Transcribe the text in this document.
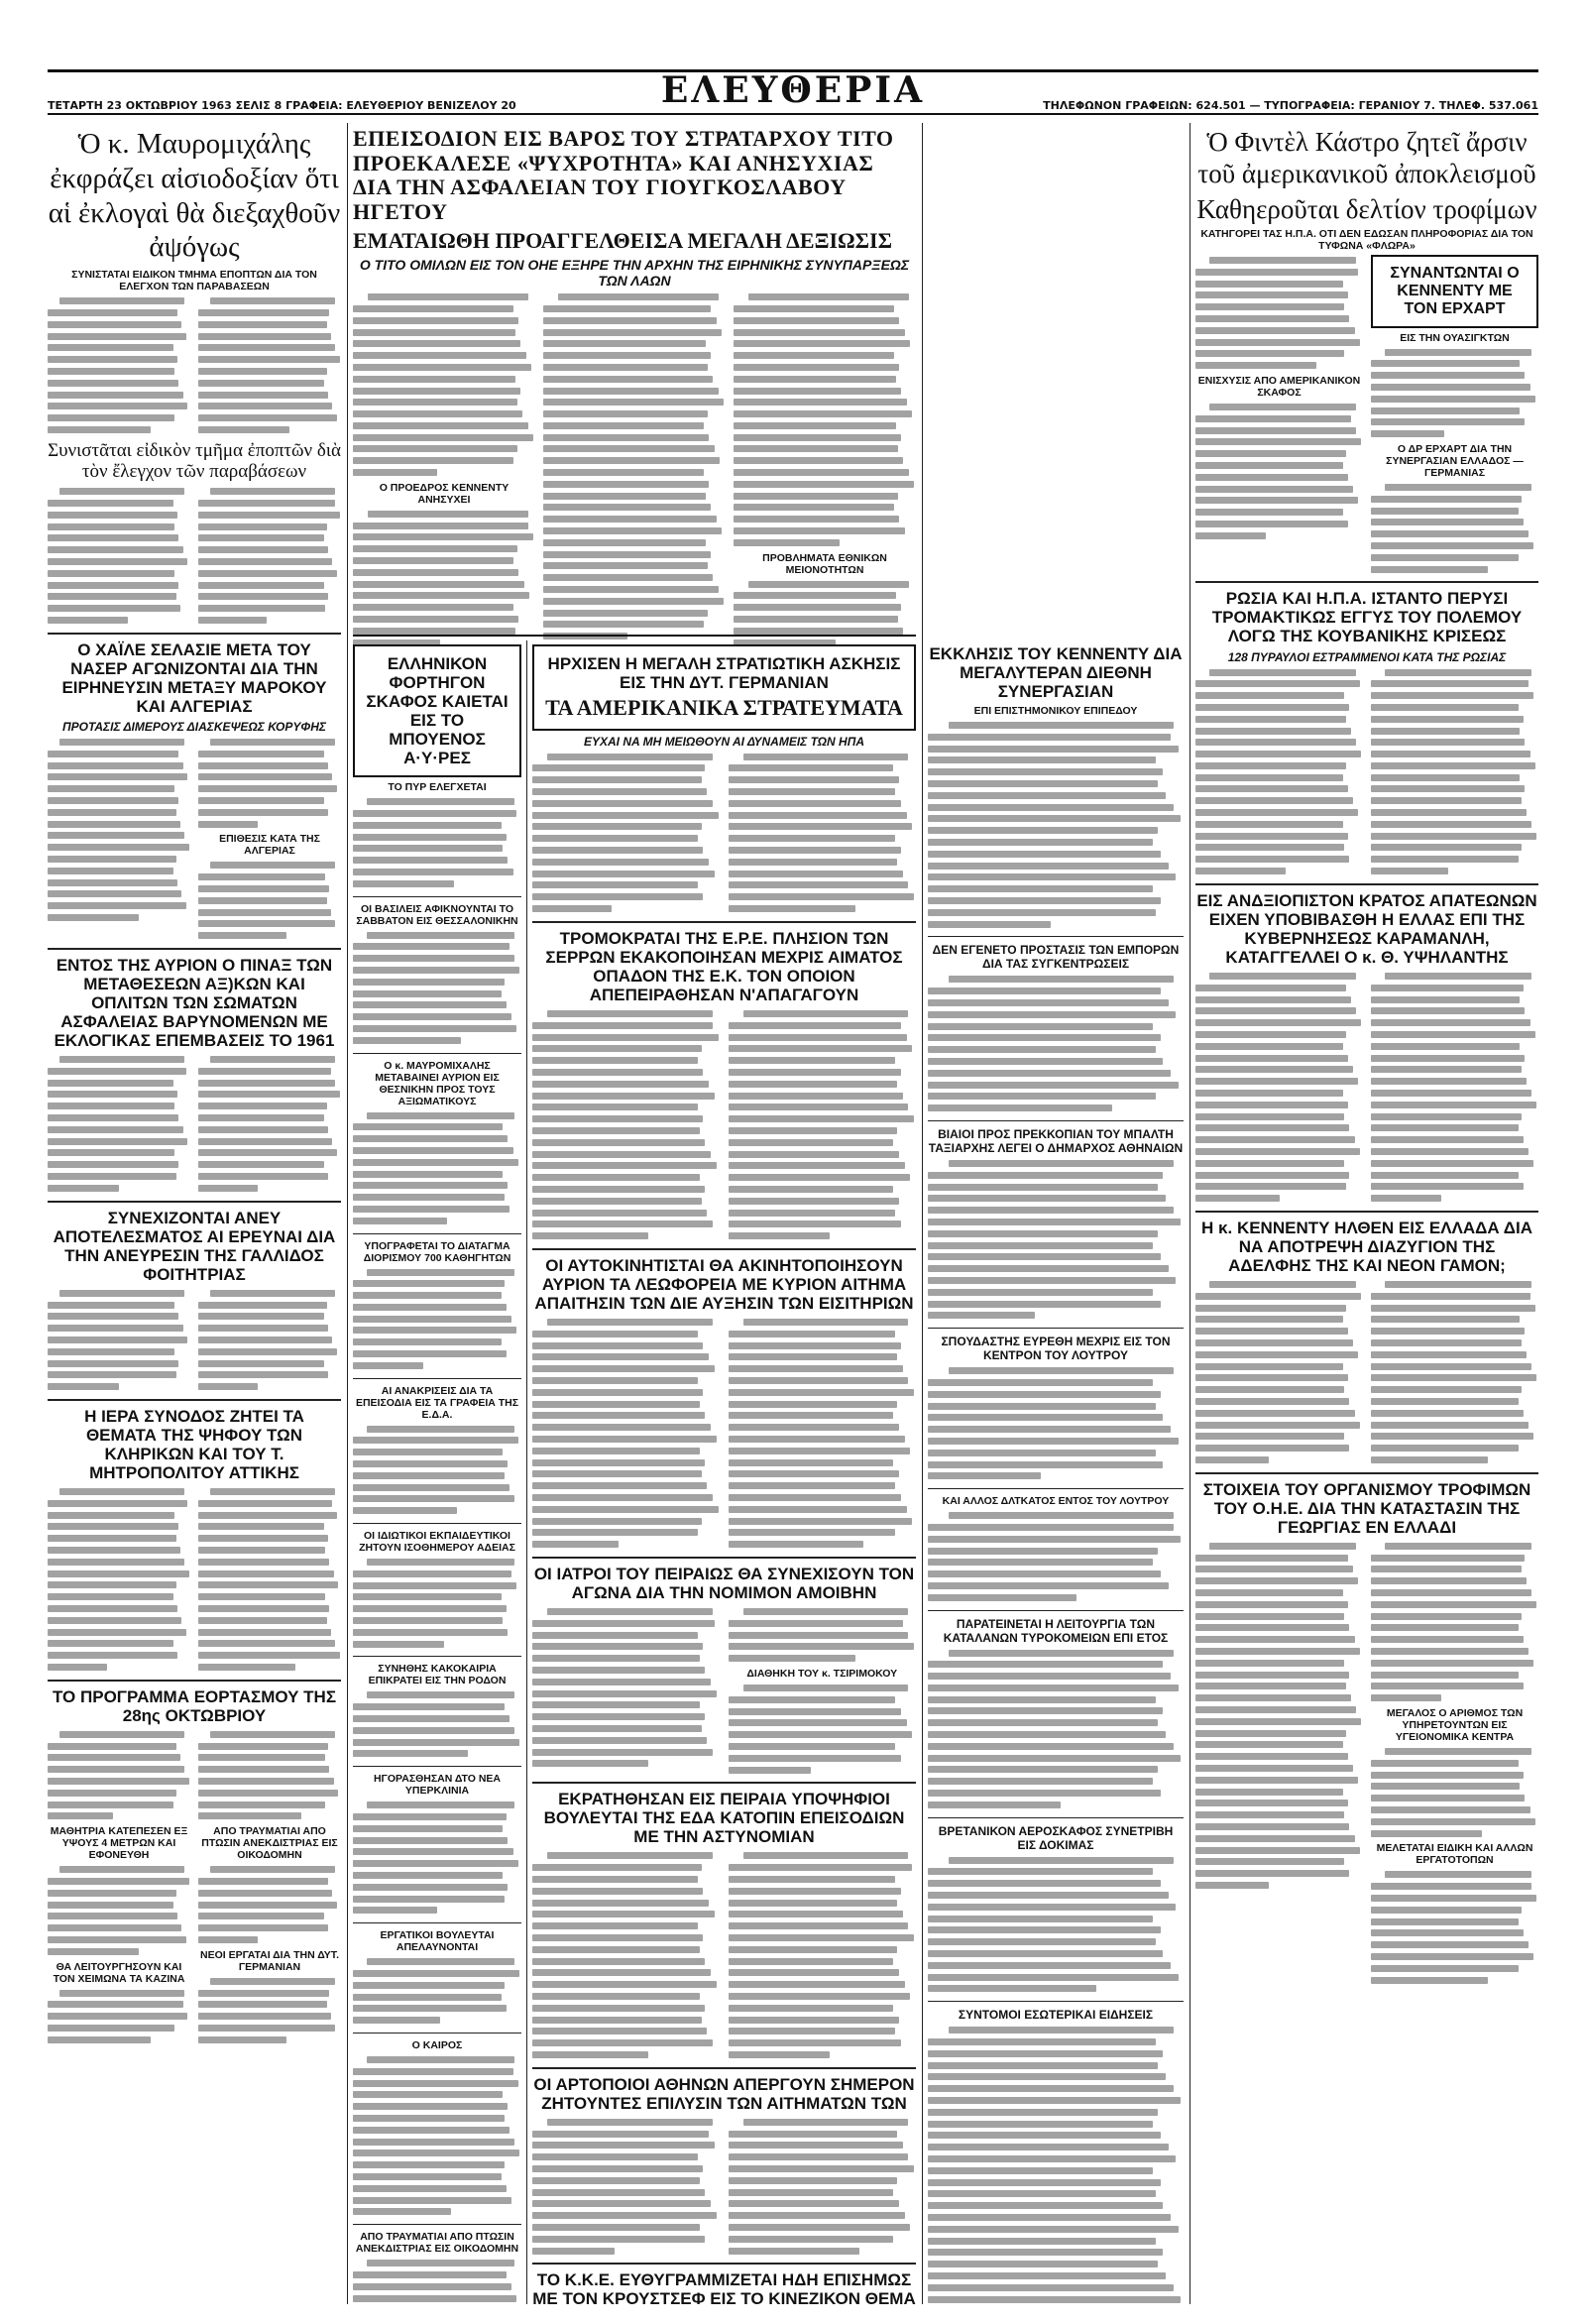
ΤΕΤΑΡΤΗ 23 ΟΚΤΩΒΡΙΟΥ 1963 ΣΕΛΙΣ 8 ΓΡΑΦΕΙΑ: ΕΛΕΥΘΕΡΙΟΥ ΒΕΝΙΖΕΛΟΥ 20	ΕΛΕΥΘΕΡΙΑ	ΤΗΛΕΦΩΝΟΝ ΓΡΑΦΕΙΩΝ: 624.501 — ΤΥΠΟΓΡΑΦΕΙΑ: ΓΕΡΑΝΙΟΥ 7. ΤΗΛΕΦ. 537.061
Ὁ κ. Μαυρομιχάλης ἐκφράζει αἰσιοδοξίαν ὅτι αἱ ἐκλογαὶ θὰ διεξαχθοῦν ἀψόγως
ΣΥΝΙΣΤΑΤΑΙ ΕΙΔΙΚΟΝ ΤΜΗΜΑ ΕΠΟΠΤΩΝ ΔΙΑ ΤΟΝ ΕΛΕΓΧΟΝ ΤΩΝ ΠΑΡΑΒΑΣΕΩΝ
Συνιστᾶται εἰδικὸν τμῆμα ἐποπτῶν διὰ τὸν ἔλεγχον τῶν παραβάσεων
Ο ΧΑΪΛΕ ΣΕΛΑΣΙΕ ΜΕΤΑ ΤΟΥ ΝΑΣΕΡ ΑΓΩΝΙΖΟΝΤΑΙ ΔΙΑ ΤΗΝ ΕΙΡΗΝΕΥΣΙΝ ΜΕΤΑΞΥ ΜΑΡΟΚΟΥ ΚΑΙ ΑΛΓΕΡΙΑΣ
ΠΡΟΤΑΣΙΣ ΔΙΜΕΡΟΥΣ ΔΙΑΣΚΕΨΕΩΣ ΚΟΡΥΦΗΣ
ΕΠΙΘΕΣΙΣ ΚΑΤΑ ΤΗΣ ΑΛΓΕΡΙΑΣ
ΕΝΤΟΣ ΤΗΣ ΑΥΡΙΟΝ Ο ΠΙΝΑΞ ΤΩΝ ΜΕΤΑΘΕΣΕΩΝ ΑΞ)ΚΩΝ ΚΑΙ ΟΠΛΙΤΩΝ ΤΩΝ ΣΩΜΑΤΩΝ ΑΣΦΑΛΕΙΑΣ ΒΑΡΥΝΟΜΕΝΩΝ ΜΕ ΕΚΛΟΓΙΚΑΣ ΕΠΕΜΒΑΣΕΙΣ ΤΟ 1961
ΣΥΝΕΧΙΖΟΝΤΑΙ ΑΝΕΥ ΑΠΟΤΕΛΕΣΜΑΤΟΣ ΑΙ ΕΡΕΥΝΑΙ ΔΙΑ ΤΗΝ ΑΝΕΥΡΕΣΙΝ ΤΗΣ ΓΑΛΛΙΔΟΣ ΦΟΙΤΗΤΡΙΑΣ
Η ΙΕΡΑ ΣΥΝΟΔΟΣ ΖΗΤΕΙ ΤΑ ΘΕΜΑΤΑ ΤΗΣ ΨΗΦΟΥ ΤΩΝ ΚΛΗΡΙΚΩΝ ΚΑΙ ΤΟΥ Τ. ΜΗΤΡΟΠΟΛΙΤΟΥ ΑΤΤΙΚΗΣ
ΤΟ ΠΡΟΓΡΑΜΜΑ ΕΟΡΤΑΣΜΟΥ ΤΗΣ 28ης ΟΚΤΩΒΡΙΟΥ
ΜΑΘΗΤΡΙΑ ΚΑΤΕΠΕΣΕΝ ΕΞ ΥΨΟΥΣ 4 ΜΕΤΡΩΝ ΚΑΙ ΕΦΟΝΕΥΘΗ
ΘΑ ΛΕΙΤΟΥΡΓΗΣΟΥΝ ΚΑΙ ΤΟΝ ΧΕΙΜΩΝΑ ΤΑ ΚΑΖΙΝΑ
ΑΠΟ ΤΡΑΥΜΑΤΙΑΙ ΑΠΟ ΠΤΩΣΙΝ ΑΝΕΚΔΙΣΤΡΙΑΣ ΕΙΣ ΟΙΚΟΔΟΜΗΝ
ΝΕΟΙ ΕΡΓΑΤΑΙ ΔΙΑ ΤΗΝ ΔΥΤ. ΓΕΡΜΑΝΙΑΝ
ΕΠΕΙΣΟΔΙΟΝ ΕΙΣ ΒΑΡΟΣ ΤΟΥ ΣΤΡΑΤΑΡΧΟΥ ΤΙΤΟ ΠΡΟΕΚΑΛΕΣΕ «ΨΥΧΡΟΤΗΤΑ» ΚΑΙ ΑΝΗΣΥΧΙΑΣ ΔΙΑ ΤΗΝ ΑΣΦΑΛΕΙΑΝ ΤΟΥ ΓΙΟΥΓΚΟΣΛΑΒΟΥ ΗΓΕΤΟΥ
ΕΜΑΤΑΙΩΘΗ ΠΡΟΑΓΓΕΛΘΕΙΣΑ ΜΕΓΑΛΗ ΔΕΞΙΩΣΙΣ
Ο ΤΙΤΟ ΟΜΙΛΩΝ ΕΙΣ ΤΟΝ ΟΗΕ ΕΞΗΡΕ ΤΗΝ ΑΡΧΗΝ ΤΗΣ ΕΙΡΗΝΙΚΗΣ ΣΥΝΥΠΑΡΞΕΩΣ ΤΩΝ ΛΑΩΝ
Ο ΠΡΟΕΔΡΟΣ ΚΕΝΝΕΝΤΥ ΑΝΗΣΥΧΕΙ
ΠΡΟΒΛΗΜΑΤΑ ΕΘΝΙΚΩΝ ΜΕΙΟΝΟΤΗΤΩΝ
ΕΛΛΗΝΙΚΟΝ ΦΟΡΤΗΓΟΝ ΣΚΑΦΟΣ ΚΑΙΕΤΑΙ ΕΙΣ ΤΟ ΜΠΟΥΕΝΟΣ Α·Υ·ΡΕΣ
ΤΟ ΠΥΡ ΕΛΕΓΧΕΤΑΙ
ΟΙ ΒΑΣΙΛΕΙΣ ΑΦΙΚΝΟΥΝΤΑΙ ΤΟ ΣΑΒΒΑΤΟΝ ΕΙΣ ΘΕΣΣΑΛΟΝΙΚΗΝ
Ο κ. ΜΑΥΡΟΜΙΧΑΛΗΣ ΜΕΤΑΒΑΙΝΕΙ ΑΥΡΙΟΝ ΕΙΣ ΘΕΣΝΙΚΗΝ ΠΡΟΣ ΤΟΥΣ ΑΞΙΩΜΑΤΙΚΟΥΣ
ΥΠΟΓΡΑΦΕΤΑΙ ΤΟ ΔΙΑΤΑΓΜΑ ΔΙΟΡΙΣΜΟΥ 700 ΚΑΘΗΓΗΤΩΝ
ΑΙ ΑΝΑΚΡΙΣΕΙΣ ΔΙΑ ΤΑ ΕΠΕΙΣΟΔΙΑ ΕΙΣ ΤΑ ΓΡΑΦΕΙΑ ΤΗΣ Ε.Δ.Α.
ΟΙ ΙΔΙΩΤΙΚΟΙ ΕΚΠΑΙΔΕΥΤΙΚΟΙ ΖΗΤΟΥΝ ΙΣΟΘΗΜΕΡΟΥ ΑΔΕΙΑΣ
ΣΥΝΗΘΗΣ ΚΑΚΟΚΑΙΡΙΑ ΕΠΙΚΡΑΤΕΙ ΕΙΣ ΤΗΝ ΡΟΔΟΝ
ΗΓΟΡΑΣΘΗΣΑΝ ΔΤΟ ΝΕΑ ΥΠΕΡΚΛΙΝΙΑ
ΕΡΓΑΤΙΚΟΙ ΒΟΥΛΕΥΤΑΙ ΑΠΕΛΑΥΝΟΝΤΑΙ
Ο ΚΑΙΡΟΣ
ΑΠΟ ΤΡΑΥΜΑΤΙΑΙ ΑΠΟ ΠΤΩΣΙΝ ΑΝΕΚΔΙΣΤΡΙΑΣ ΕΙΣ ΟΙΚΟΔΟΜΗΝ
ΗΡΧΙΣΕΝ Η ΜΕΓΑΛΗ ΣΤΡΑΤΙΩΤΙΚΗ ΑΣΚΗΣΙΣ ΕΙΣ ΤΗΝ ΔΥΤ. ΓΕΡΜΑΝΙΑΝ
ΤΑ ΑΜΕΡΙΚΑΝΙΚΑ ΣΤΡΑΤΕΥΜΑΤΑ
ΕΥΧΑΙ ΝΑ ΜΗ ΜΕΙΩΘΟΥΝ ΑΙ ΔΥΝΑΜΕΙΣ ΤΩΝ ΗΠΑ
ΤΡΟΜΟΚΡΑΤΑΙ ΤΗΣ Ε.Ρ.Ε. ΠΛΗΣΙΟΝ ΤΩΝ ΣΕΡΡΩΝ ΕΚΑΚΟΠΟΙΗΣΑΝ ΜΕΧΡΙΣ ΑΙΜΑΤΟΣ ΟΠΑΔΟΝ ΤΗΣ Ε.Κ. ΤΟΝ ΟΠΟΙΟΝ ΑΠΕΠΕΙΡΑΘΗΣΑΝ Ν'ΑΠΑΓΑΓΟΥΝ
ΟΙ ΑΥΤΟΚΙΝΗΤΙΣΤΑΙ ΘΑ ΑΚΙΝΗΤΟΠΟΙΗΣΟΥΝ ΑΥΡΙΟΝ ΤΑ ΛΕΩΦΟΡΕΙΑ ΜΕ ΚΥΡΙΟΝ ΑΙΤΗΜΑ ΑΠΑΙΤΗΣΙΝ ΤΩΝ ΔΙΕ ΑΥΞΗΣΙΝ ΤΩΝ ΕΙΣΙΤΗΡΙΩΝ
ΟΙ ΙΑΤΡΟΙ ΤΟΥ ΠΕΙΡΑΙΩΣ ΘΑ ΣΥΝΕΧΙΣΟΥΝ ΤΟΝ ΑΓΩΝΑ ΔΙΑ ΤΗΝ ΝΟΜΙΜΟΝ ΑΜΟΙΒΗΝ
ΔΙΑΘΗΚΗ ΤΟΥ κ. ΤΣΙΡΙΜΟΚΟΥ
ΕΚΡΑΤΗΘΗΣΑΝ ΕΙΣ ΠΕΙΡΑΙΑ ΥΠΟΨΗΦΙΟΙ ΒΟΥΛΕΥΤΑΙ ΤΗΣ ΕΔΑ ΚΑΤΟΠΙΝ ΕΠΕΙΣΟΔΙΩΝ ΜΕ ΤΗΝ ΑΣΤΥΝΟΜΙΑΝ
ΟΙ ΑΡΤΟΠΟΙΟΙ ΑΘΗΝΩΝ ΑΠΕΡΓΟΥΝ ΣΗΜΕΡΟΝ ΖΗΤΟΥΝΤΕΣ ΕΠΙΛΥΣΙΝ ΤΩΝ ΑΙΤΗΜΑΤΩΝ ΤΩΝ
ΤΟ Κ.Κ.Ε. ΕΥΘΥΓΡΑΜΜΙΖΕΤΑΙ ΗΔΗ ΕΠΙΣΗΜΩΣ ΜΕ ΤΟΝ ΚΡΟΥΣΤΣΕΦ ΕΙΣ ΤΟ ΚΙΝΕΖΙΚΟΝ ΘΕΜΑ
ΕΚΚΛΗΣΙΣ ΤΟΥ ΚΕΝΝΕΝΤΥ ΔΙΑ ΜΕΓΑΛΥΤΕΡΑΝ ΔΙΕΘΝΗ ΣΥΝΕΡΓΑΣΙΑΝ
ΕΠΙ ΕΠΙΣΤΗΜΟΝΙΚΟΥ ΕΠΙΠΕΔΟΥ
ΔΕΝ ΕΓΕΝΕΤΟ ΠΡΟΣΤΑΣΙΣ ΤΩΝ ΕΜΠΟΡΩΝ ΔΙΑ ΤΑΣ ΣΥΓΚΕΝΤΡΩΣΕΙΣ
ΒΙΑΙΟΙ ΠΡΟΣ ΠΡΕΚΚΟΠΙΑΝ ΤΟΥ ΜΠΑΛΤΗ ΤΑΞΙΑΡΧΗΣ ΛΕΓΕΙ Ο ΔΗΜΑΡΧΟΣ ΑΘΗΝΑΙΩΝ
ΣΠΟΥΔΑΣΤΗΣ ΕΥΡΕΘΗ ΜΕΧΡΙΣ ΕΙΣ ΤΟΝ ΚΕΝΤΡΟΝ ΤΟΥ ΛΟΥΤΡΟΥ
ΚΑΙ ΑΛΛΟΣ ΔΛΤΚΑΤΟΣ ΕΝΤΟΣ ΤΟΥ ΛΟΥΤΡΟΥ
ΠΑΡΑΤΕΙΝΕΤΑΙ Η ΛΕΙΤΟΥΡΓΙΑ ΤΩΝ ΚΑΤΑΛΑΝΩΝ ΤΥΡΟΚΟΜΕΙΩΝ ΕΠΙ ΕΤΟΣ
ΒΡΕΤΑΝΙΚΟΝ ΑΕΡΟΣΚΑΦΟΣ ΣΥΝΕΤΡΙΒΗ ΕΙΣ ΔΟΚΙΜΑΣ
ΣΥΝΤΟΜΟΙ ΕΣΩΤΕΡΙΚΑΙ ΕΙΔΗΣΕΙΣ
Ὁ Φιντὲλ Κάστρο ζητεῖ ἄρσιν τοῦ ἀμερικανικοῦ ἀποκλεισμοῦ
Καθηεροῦται δελτίον τροφίμων
ΚΑΤΗΓΟΡΕΙ ΤΑΣ Η.Π.Α. ΟΤΙ ΔΕΝ ΕΔΩΣΑΝ ΠΛΗΡΟΦΟΡΙΑΣ ΔΙΑ ΤΟΝ ΤΥΦΩΝΑ «ΦΛΩΡΑ»
ΕΝΙΣΧΥΣΙΣ ΑΠΟ ΑΜΕΡΙΚΑΝΙΚΟΝ ΣΚΑΦΟΣ
ΣΥΝΑΝΤΩΝΤΑΙ Ο ΚΕΝΝΕΝΤΥ ΜΕ ΤΟΝ ΕΡΧΑΡΤ
ΕΙΣ ΤΗΝ ΟΥΑΣΙΓΚΤΩΝ
Ο ΔΡ ΕΡΧΑΡΤ ΔΙΑ ΤΗΝ ΣΥΝΕΡΓΑΣΙΑΝ ΕΛΛΑΔΟΣ — ΓΕΡΜΑΝΙΑΣ
ΡΩΣΙΑ ΚΑΙ Η.Π.Α. ΙΣΤΑΝΤΟ ΠΕΡΥΣΙ ΤΡΟΜΑΚΤΙΚΩΣ ΕΓΓΥΣ ΤΟΥ ΠΟΛΕΜΟΥ ΛΟΓΩ ΤΗΣ ΚΟΥΒΑΝΙΚΗΣ ΚΡΙΣΕΩΣ
128 ΠΥΡΑΥΛΟΙ ΕΣΤΡΑΜΜΕΝΟΙ ΚΑΤΑ ΤΗΣ ΡΩΣΙΑΣ
ΕΙΣ ΑΝΔΞΙΟΠΙΣΤΟΝ ΚΡΑΤΟΣ ΑΠΑΤΕΩΝΩΝ ΕΙΧΕΝ ΥΠΟΒΙΒΑΣΘΗ Η ΕΛΛΑΣ ΕΠΙ ΤΗΣ ΚΥΒΕΡΝΗΣΕΩΣ ΚΑΡΑΜΑΝΛΗ, ΚΑΤΑΓΓΕΛΛΕΙ Ο κ. Θ. ΥΨΗΛΑΝΤΗΣ
Η κ. ΚΕΝΝΕΝΤΥ ΗΛΘΕΝ ΕΙΣ ΕΛΛΑΔΑ ΔΙΑ ΝΑ ΑΠΟΤΡΕΨΗ ΔΙΑΖΥΓΙΟΝ ΤΗΣ ΑΔΕΛΦΗΣ ΤΗΣ ΚΑΙ ΝΕΟΝ ΓΑΜΟΝ;
ΣΤΟΙΧΕΙΑ ΤΟΥ ΟΡΓΑΝΙΣΜΟΥ ΤΡΟΦΙΜΩΝ ΤΟΥ Ο.Η.Ε. ΔΙΑ ΤΗΝ ΚΑΤΑΣΤΑΣΙΝ ΤΗΣ ΓΕΩΡΓΙΑΣ ΕΝ ΕΛΛΑΔΙ
ΜΕΓΑΛΟΣ Ο ΑΡΙΘΜΟΣ ΤΩΝ ΥΠΗΡΕΤΟΥΝΤΩΝ ΕΙΣ ΥΓΕΙΟΝΟΜΙΚΑ ΚΕΝΤΡΑ
ΜΕΛΕΤΑΤΑΙ ΕΙΔΙΚΗ ΚΑΙ ΑΛΛΩΝ ΕΡΓΑΤΟΤΟΠΩΝ
